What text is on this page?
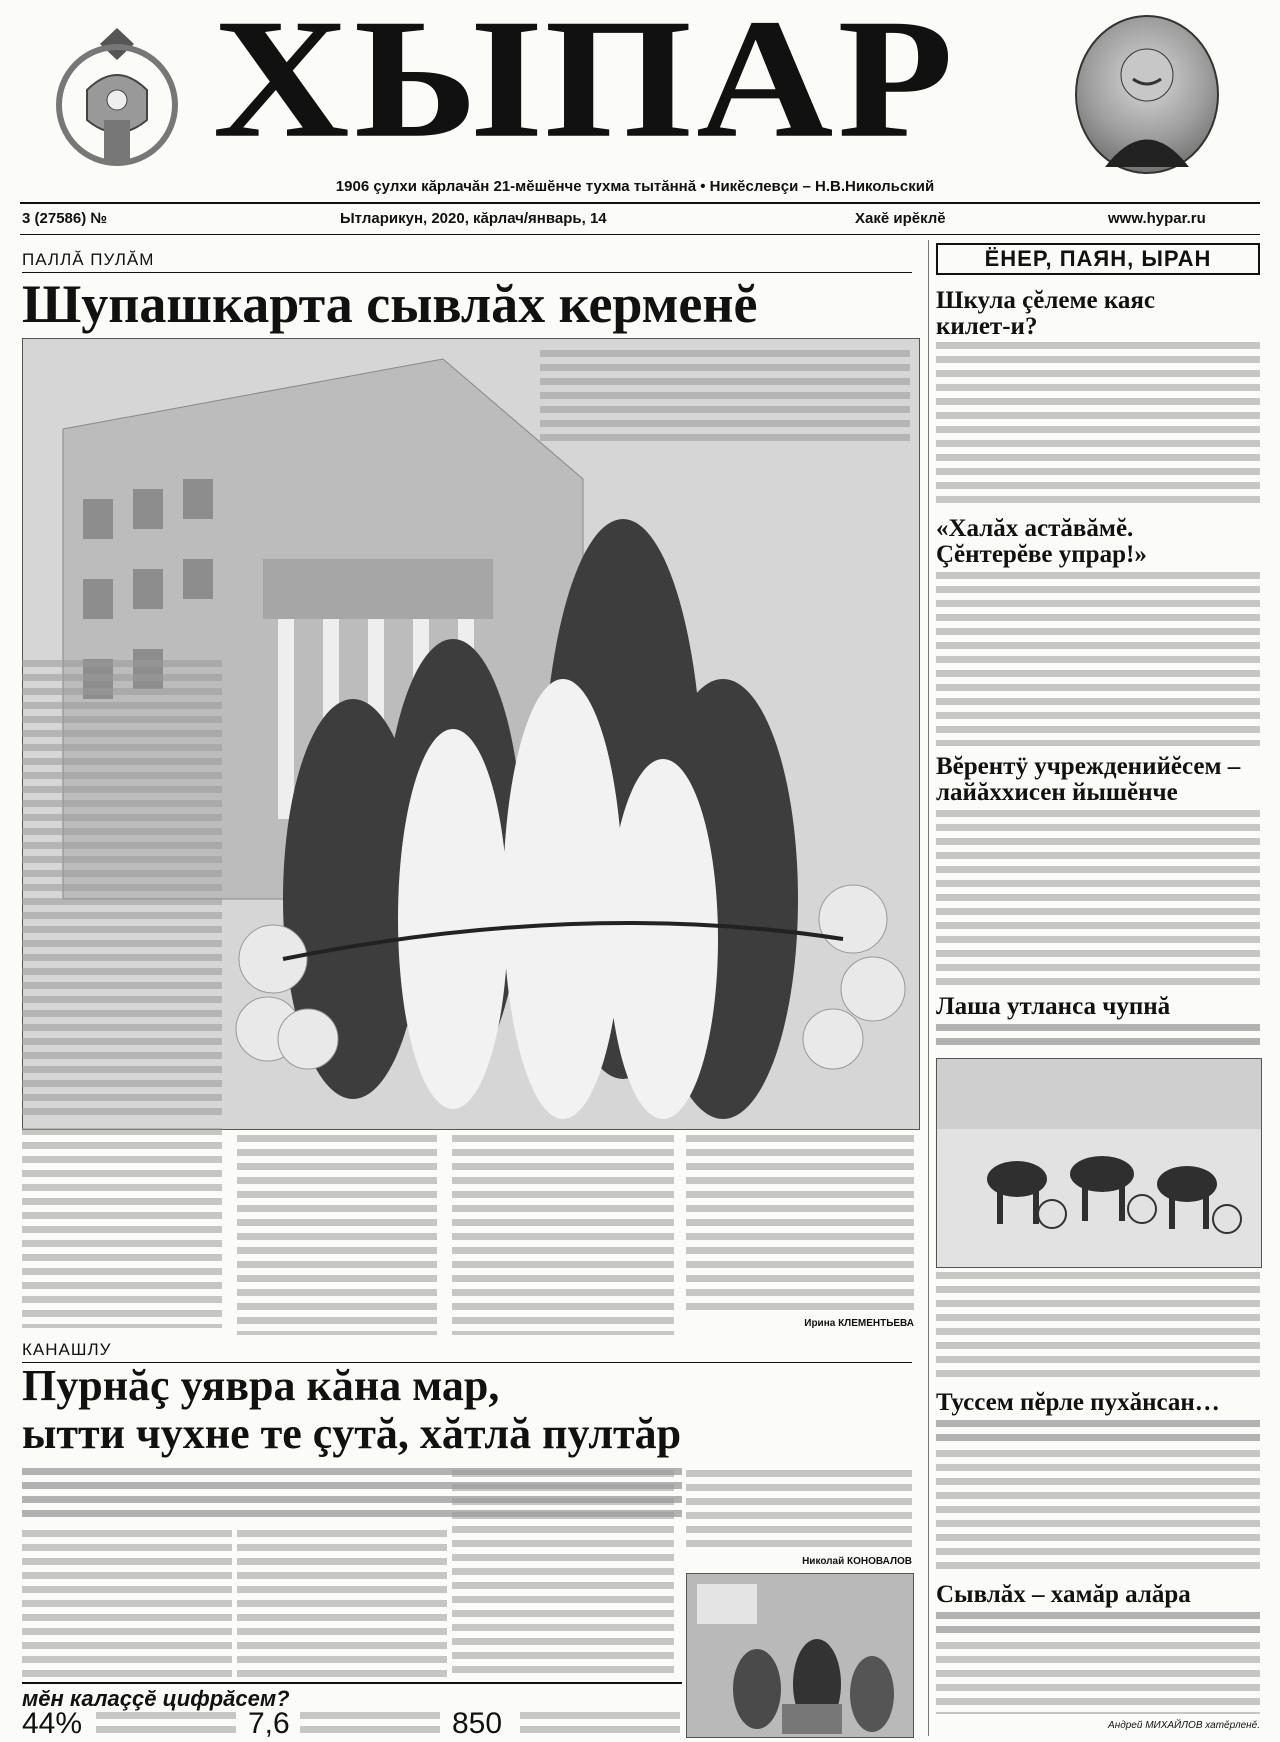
ХЫПАР
1906 çулхи кăрлачăн 21-мĕшĕнче тухма тытăннă • Никĕслевçи – Н.В.Никольский
3 (27586) №	Ытларикун, 2020, кăрлач/январь, 14	Хакĕ ирĕклĕ	www.hypar.ru
ПАЛЛĂ ПУЛĂМ
Шупашкарта сывлăх керменĕ
Ирина КЛЕМЕНТЬЕВА
КАНАШЛУ
Пурнăç уявра кăна мар,
ытти чухне те çутă, хăтлă пултăр
Николай КОНОВАЛОВ
мĕн калаççĕ цифрăсем?
44%	7,6	850
ЁНЕР, ПАЯН, ЫРАН
Шкула çĕлеме каяс килет-и?
«Халăх астăвăмĕ. Çĕнтерĕве упрар!»
Вĕрентÿ учрежденийĕсем – лайăххисен йышĕнче
Лаша утланса чупнă
Туссем пĕрле пухăнсан…
Сывлăх – хамăр алăра
Андрей МИХАЙЛОВ хатĕрленĕ.
